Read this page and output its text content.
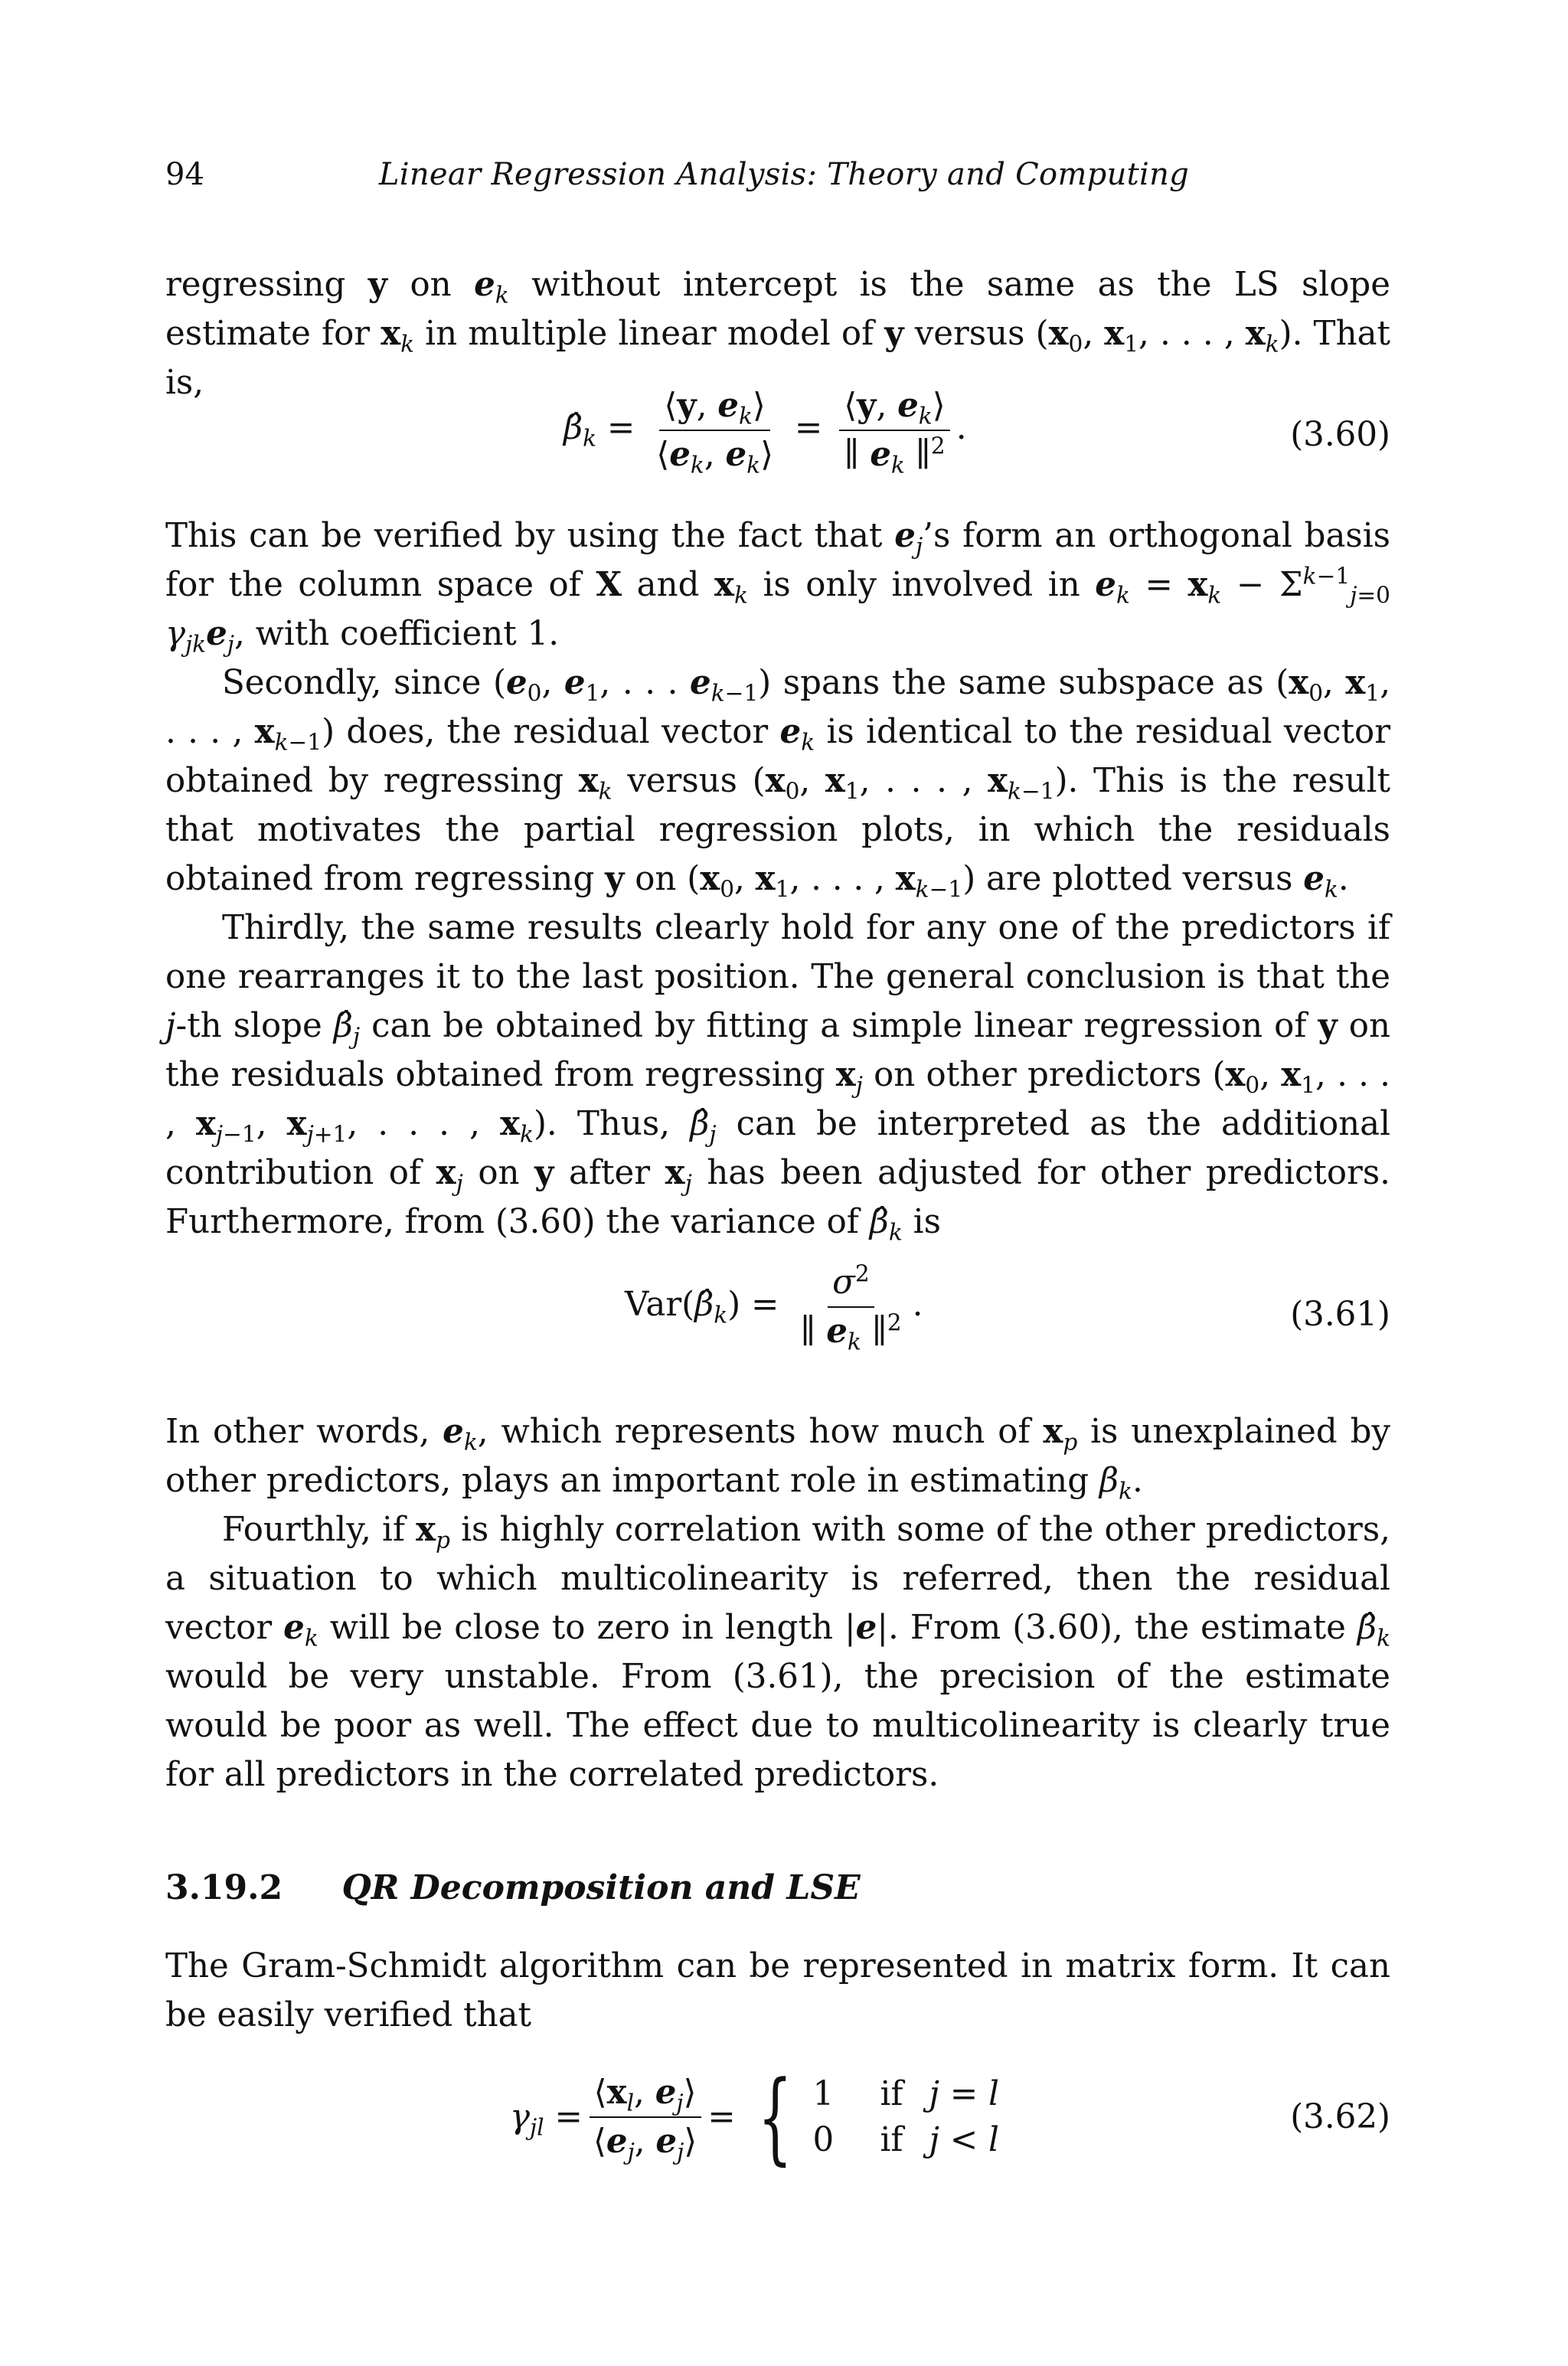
94	Linear Regression Analysis: Theory and Computing

regressing y on $e_k$ without intercept is the same as the LS slope estimate for $x_k$ in multiple linear model of y versus ($x_0$, $x_1$, . . . , $x_k$). That is,

$\betâ_k = \frac{⟨y, e_k⟩}{⟨e_k, e_k⟩} = \frac{⟨y, e_k⟩}{\parallel e_k \parallel^2}$ .	(3.60)

This can be verified by using the fact that $e_j’s$ form an orthogonal basis for the column space of X and $x_k$ is only involved in $e_k = x_k - \Sigma^{k-1}_{j=0}$ $\gamma_{jk}e_j$, with coefficient 1.

Secondly, since ($e_0$, $e_1$, . . . $e_{k-1}$) spans the same subspace as ($x_0$, $x_1$, . . . , $x_{k-1}$) does, the residual vector $e_k$ is identical to the residual vector obtained by regressing $x_k$ versus ($x_0$, $x_1$, . . . , $x_{k-1}$). This is the result that motivates the partial regression plots, in which the residuals obtained from regressing y on ($x_0$, $x_1$, . . . , $x_{k-1}$) are plotted versus $e_k$.

Thirdly, the same results clearly hold for any one of the predictors if one rearranges it to the last position. The general conclusion is that the j-th slope $\betâ_j$ can be obtained by fitting a simple linear regression of y on the residuals obtained from regressing $x_j$ on other predictors ($x_0$, $x_1$, . . . , $x_{j-1}$, $x_{j+1}$, . . . , $x_k$). Thus, $\betâ_j$ can be interpreted as the additional contribution of $x_j$ on y after $x_j$ has been adjusted for other predictors. Furthermore, from (3.60) the variance of $\betâ_k$ is

$Var(\betâ_k) = \frac{\sigma^2}{\parallel e_k \parallel^2}$ .	(3.61)

In other words, $e_k$, which represents how much of $x_p$ is unexplained by other predictors, plays an important role in estimating $\beta_k$.

Fourthly, if $x_p$ is highly correlation with some of the other predictors, a situation to which multicolinearity is referred, then the residual vector $e_k$ will be close to zero in length |e|. From (3.60), the estimate $\betâ_k$ would be very unstable. From (3.61), the precision of the estimate would be poor as well. The effect due to multicolinearity is clearly true for all predictors in the correlated predictors.

3.19.2 QR Decomposition and LSE

The Gram-Schmidt algorithm can be represented in matrix form. It can be easily verified that

$\gamma_{jl} = \frac{⟨x_l, e_j⟩}{⟨e_j, e_j⟩}$ = { 1 if j = l
0 if j < l
(3.62)
